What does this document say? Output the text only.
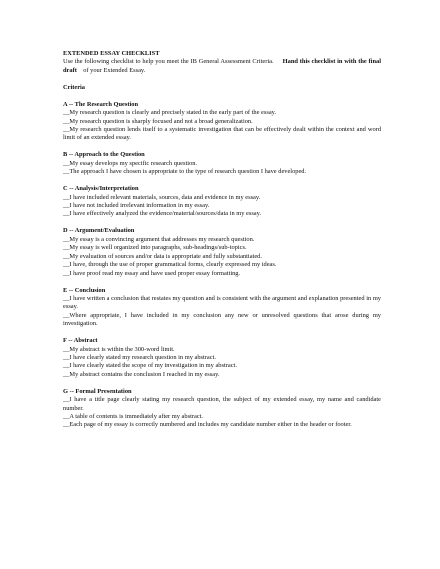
EXTENDED ESSAY CHECKLIST
Use the following checklist to help you meet the IB General Assessment Criteria. Hand this checklist in with the final draft of your Extended Essay.
Criteria
A -- The Research Question
__My research question is clearly and precisely stated in the early part of the essay.
__My research question is sharply focused and not a broad generalization.
__My research question lends itself to a systematic investigation that can be effectively dealt within the context and word limit of an extended essay.
B -- Approach to the Question
__My essay develops my specific research question.
__The approach I have chosen is appropriate to the type of research question I have developed.
C -- Analysis/Interpretation
__I have included relevant materials, sources, data and evidence in my essay.
__I have not included irrelevant information in my essay.
__I have effectively analyzed the evidence/material/sources/data in my essay.
D -- Argument/Evaluation
__My essay is a convincing argument that addresses my research question.
__My essay is well organized into paragraphs, sub-headings/sub-topics.
__My evaluation of sources and/or data is appropriate and fully substantiated.
__I have, through the use of proper grammatical forms, clearly expressed my ideas.
__I have proof read my essay and have used proper essay formatting.
E -- Conclusion
__I have written a conclusion that restates my question and is consistent with the argument and explanation presented in my essay.
__Where appropriate, I have included in my conclusion any new or unresolved questions that arose during my investigation.
F -- Abstract
__My abstract is within the 300-word limit.
__I have clearly stated my research question in my abstract.
__I have clearly stated the scope of my investigation in my abstract.
__My abstract contains the conclusion I reached in my essay.
G -- Formal Presentation
__I have a title page clearly stating my research question, the subject of my extended essay, my name and candidate number.
__A table of contents is immediately after my abstract.
__Each page of my essay is correctly numbered and includes my candidate number either in the header or footer.
